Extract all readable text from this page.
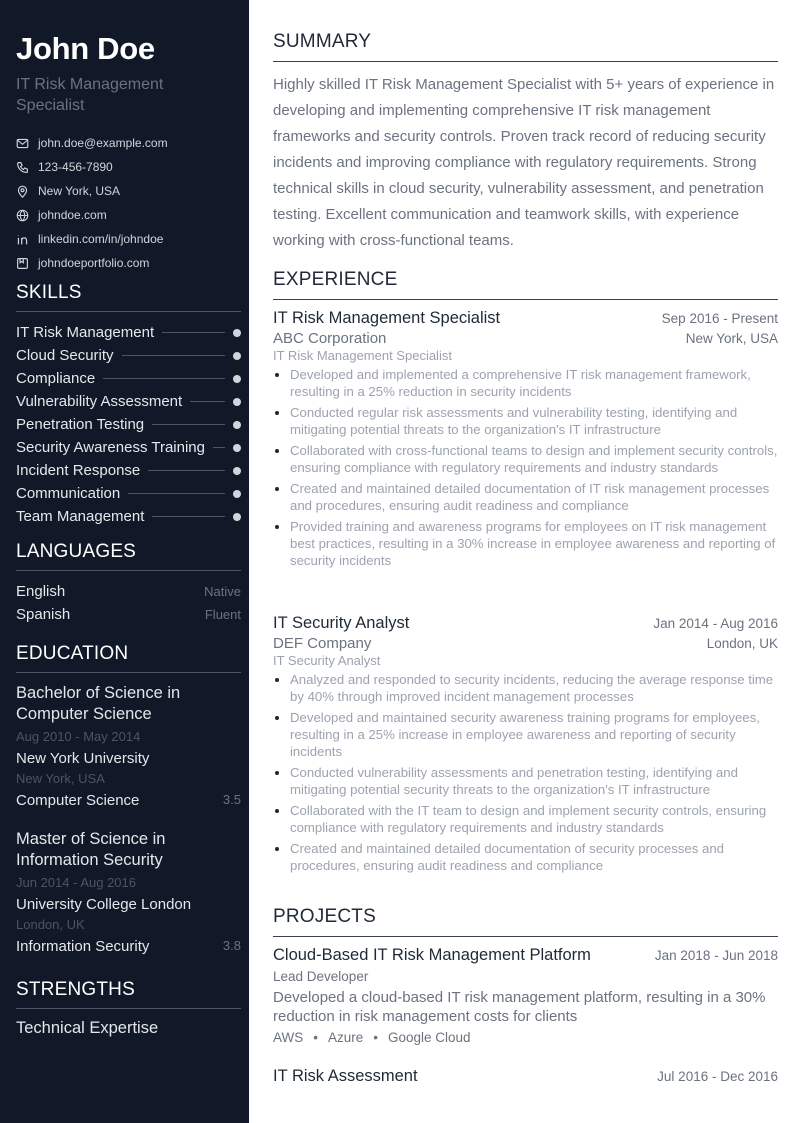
John Doe
IT Risk Management Specialist
john.doe@example.com
123-456-7890
New York, USA
johndoe.com
linkedin.com/in/johndoe
johndoeportfolio.com
SKILLS
IT Risk Management
Cloud Security
Compliance
Vulnerability Assessment
Penetration Testing
Security Awareness Training
Incident Response
Communication
Team Management
LANGUAGES
English	Native
Spanish	Fluent
EDUCATION
Bachelor of Science in Computer Science
Aug 2010 - May 2014
New York University
New York, USA
Computer Science	3.5
Master of Science in Information Security
Jun 2014 - Aug 2016
University College London
London, UK
Information Security	3.8
STRENGTHS
Technical Expertise
SUMMARY
Highly skilled IT Risk Management Specialist with 5+ years of experience in developing and implementing comprehensive IT risk management frameworks and security controls. Proven track record of reducing security incidents and improving compliance with regulatory requirements. Strong technical skills in cloud security, vulnerability assessment, and penetration testing. Excellent communication and teamwork skills, with experience working with cross-functional teams.
EXPERIENCE
IT Risk Management Specialist	Sep 2016 - Present
ABC Corporation	New York, USA
IT Risk Management Specialist
Developed and implemented a comprehensive IT risk management framework, resulting in a 25% reduction in security incidents
Conducted regular risk assessments and vulnerability testing, identifying and mitigating potential threats to the organization's IT infrastructure
Collaborated with cross-functional teams to design and implement security controls, ensuring compliance with regulatory requirements and industry standards
Created and maintained detailed documentation of IT risk management processes and procedures, ensuring audit readiness and compliance
Provided training and awareness programs for employees on IT risk management best practices, resulting in a 30% increase in employee awareness and reporting of security incidents
IT Security Analyst	Jan 2014 - Aug 2016
DEF Company	London, UK
IT Security Analyst
Analyzed and responded to security incidents, reducing the average response time by 40% through improved incident management processes
Developed and maintained security awareness training programs for employees, resulting in a 25% increase in employee awareness and reporting of security incidents
Conducted vulnerability assessments and penetration testing, identifying and mitigating potential security threats to the organization's IT infrastructure
Collaborated with the IT team to design and implement security controls, ensuring compliance with regulatory requirements and industry standards
Created and maintained detailed documentation of security processes and procedures, ensuring audit readiness and compliance
PROJECTS
Cloud-Based IT Risk Management Platform	Jan 2018 - Jun 2018
Lead Developer
Developed a cloud-based IT risk management platform, resulting in a 30% reduction in risk management costs for clients
AWS • Azure • Google Cloud
IT Risk Assessment	Jul 2016 - Dec 2016
